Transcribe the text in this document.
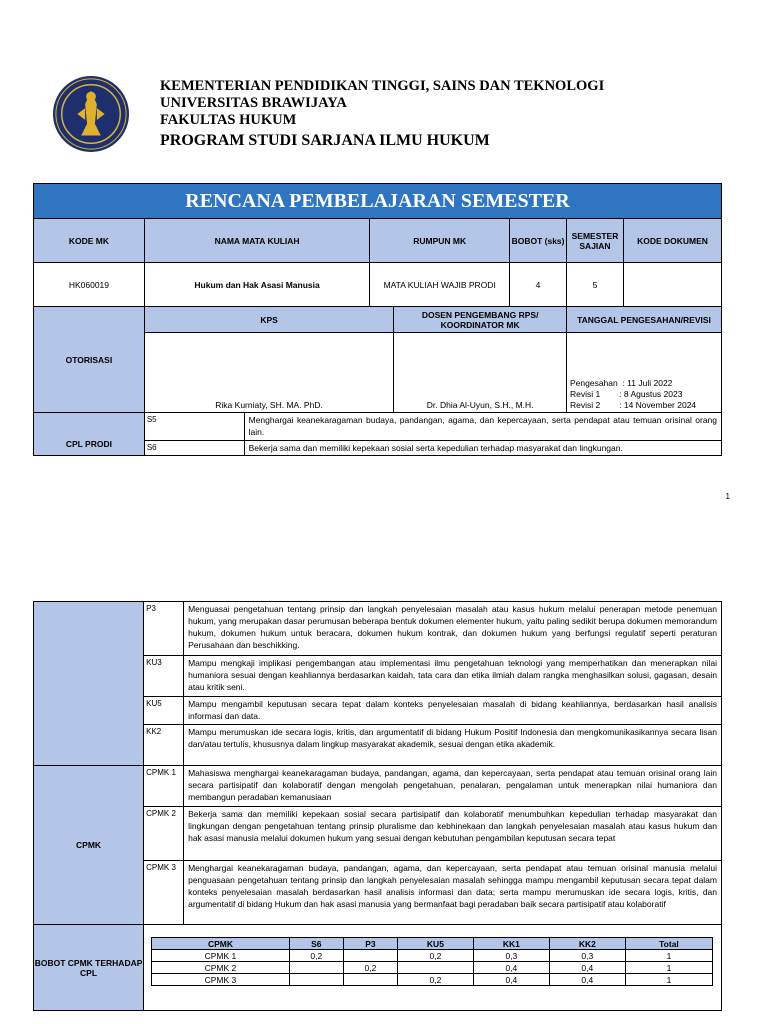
KEMENTERIAN PENDIDIKAN TINGGI, SAINS DAN TEKNOLOGI
UNIVERSITAS BRAWIJAYA
FAKULTAS HUKUM
PROGRAM STUDI SARJANA ILMU HUKUM
RENCANA PEMBELAJARAN SEMESTER							
KODE MK	NAMA MATA KULIAH		RUMPUN MK		BOBOT (sks)	SEMESTER SAJIAN	KODE DOKUMEN
HK060019	Hukum dan Hak Asasi Manusia		MATA KULIAH WAJIB PRODI		4	5	
OTORISASI	KPS			DOSEN PENGEMBANG RPS/ KOORDINATOR MK		TANGGAL PENGESAHAN/REVISI	
	Rika Kurniaty, SH. MA. PhD.			Dr. Dhia Al-Uyun, S.H., M.H.		Pengesahan  : 11 Juli 2022
Revisi 1        : 8 Agustus 2023
Revisi 2        : 14 November 2024	

CPL PRODI	S5	Menghargai keanekaragaman budaya, pandangan, agama, dan kepercayaan, serta pendapat atau temuan orisinal orang lain.					
	S6	Bekerja sama dan memiliki kepekaan sosial serta kepedulian terhadap masyarakat dan lingkungan.					
1
	P3	Menguasai pengetahuan tentang prinsip dan langkah penyelesaian masalah atau kasus hukum melalui penerapan metode penemuan hukum, yang merupakan dasar perumusan beberapa bentuk dokumen elementer hukum, yaitu paling sedikit berupa dokumen memorandum hukum, dokumen hukum untuk beracara, dokumen hukum kontrak, dan dokumen hukum yang berfungsi regulatif seperti peraturan Perusahaan dan beschikking.
KU3	Mampu mengkaji implikasi pengembangan atau implementasi ilmu pengetahuan teknologi yang memperhatikan dan menerapkan nilai humaniora sesuai dengan keahliannya berdasarkan kaidah, tata cara dan etika ilmiah dalam rangka menghasilkan solusi, gagasan, desain atau kritik seni.
KU5	Mampu mengambil keputusan secara tepat dalam konteks penyelesaian masalah di bidang keahliannya, berdasarkan hasil analisis informasi dan data.
KK2	Mampu merumuskan ide secara logis, kritis, dan argumentatif di bidang Hukum Positif Indonesia dan mengkomunikasikannya secara lisan dan/atau tertulis, khususnya dalam lingkup masyarakat akademik, sesuai dengan etika akademik.
CPMK	CPMK 1	Mahasiswa menghargai keanekaragaman budaya, pandangan, agama, dan kepercayaan, serta pendapat atau temuan orisinal orang lain secara partisipatif dan kolaboratif dengan mengolah pengetahuan, penalaran, pengalaman untuk menerapkan nilai humaniora dan membangun peradaban kemanusiaan
CPMK 2	Bekerja sama dan memiliki kepekaan sosial secara partisipatif dan kolaboratif menumbuhkan kepedulian terhadap masyarakat dan lingkungan dengan pengetahuan tentang prinsip pluralisme dan kebhinekaan dan langkah penyelesaian masalah atau kasus hukum dan hak asasi manusia melalui dokumen hukum yang sesuai dengan kebutuhan pengambilan keputusan secara tepat
CPMK 3	Menghargai keanekaragaman budaya, pandangan, agama, dan kepercayaan, serta pendapat atau temuan orisinal manusia melalui penguasaan pengetahuan tentang prinsip dan langkah penyelesaian masalah sehingga mampu mengambil keputusan secara tepat dalam konteks penyelesaian masalah berdasarkan hasil analisis informasi dan data; serta mampu merumuskan ide secara logis, kritis, dan argumentatif di bidang Hukum dan hak asasi manusia yang bermanfaat bagi peradaban baik secara partisipatif atau kolaboratif
BOBOT CPMK TERHADAP CPL	
CPMK	S6	P3	KU5	KK1	KK2	Total
CPMK 1	0,2		0,2	0,3	0,3	1
CPMK 2		0,2		0,4	0,4	1
CPMK 3			0,2	0,4	0,4	1
